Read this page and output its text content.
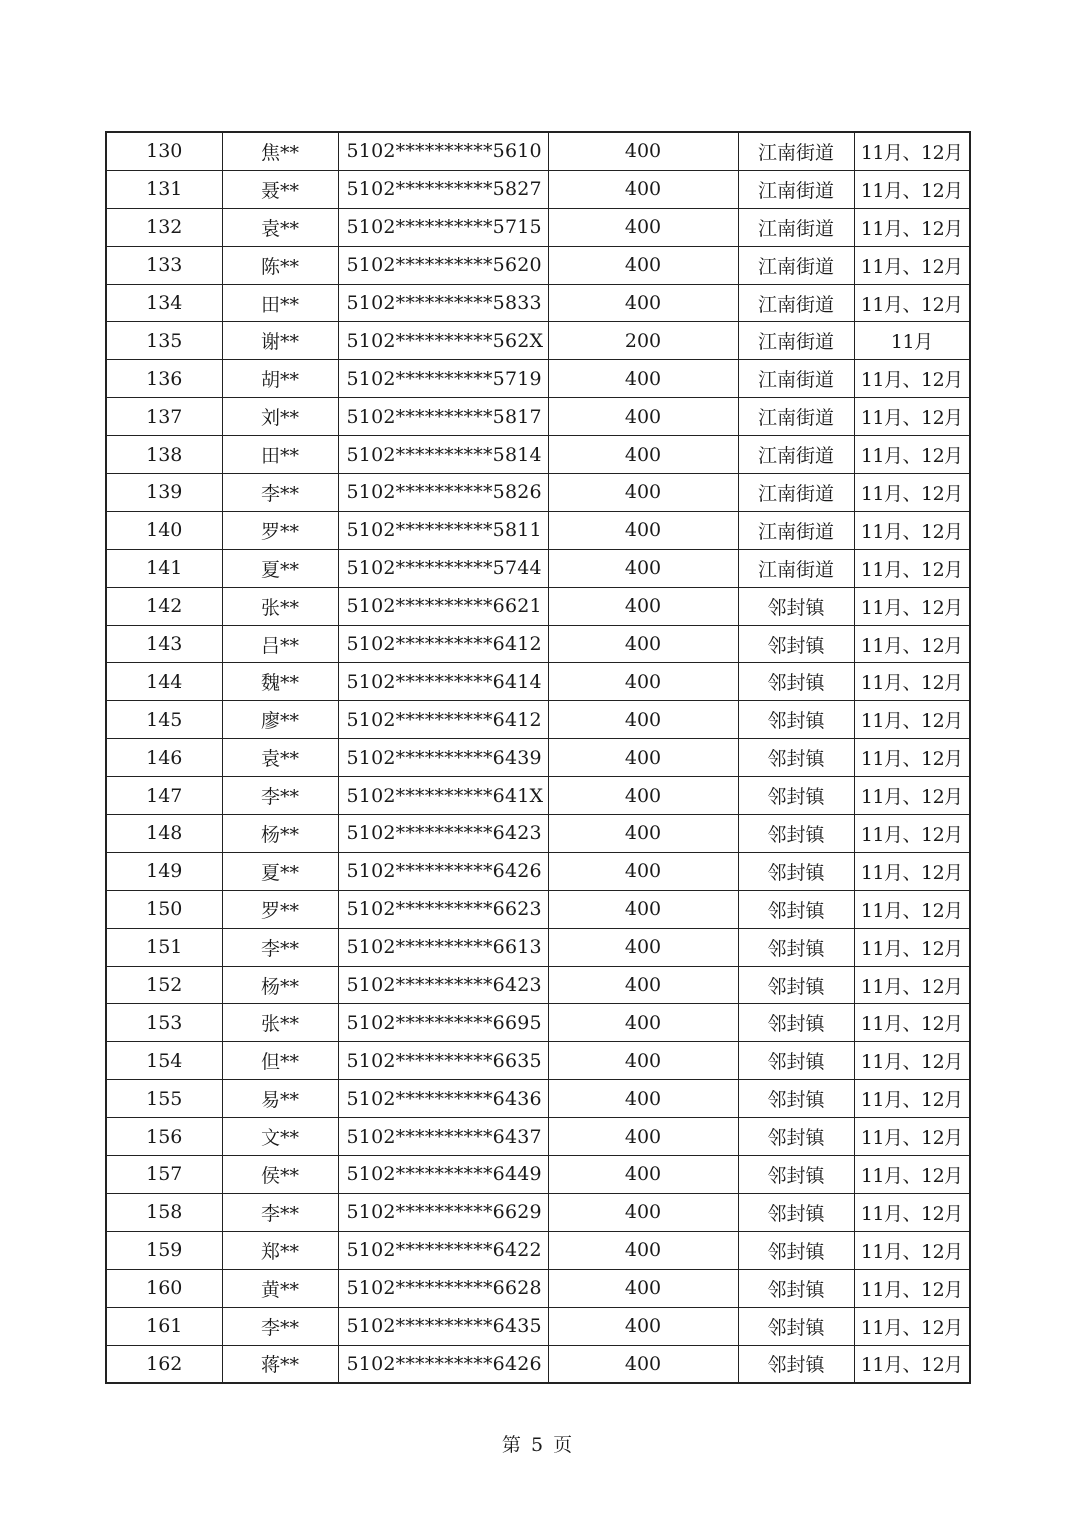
130	焦**	5102**********5610	400	江南街道	11月、12月
131	聂**	5102**********5827	400	江南街道	11月、12月
132	袁**	5102**********5715	400	江南街道	11月、12月
133	陈**	5102**********5620	400	江南街道	11月、12月
134	田**	5102**********5833	400	江南街道	11月、12月
135	谢**	5102**********562X	200	江南街道	11月
136	胡**	5102**********5719	400	江南街道	11月、12月
137	刘**	5102**********5817	400	江南街道	11月、12月
138	田**	5102**********5814	400	江南街道	11月、12月
139	李**	5102**********5826	400	江南街道	11月、12月
140	罗**	5102**********5811	400	江南街道	11月、12月
141	夏**	5102**********5744	400	江南街道	11月、12月
142	张**	5102**********6621	400	邻封镇	11月、12月
143	吕**	5102**********6412	400	邻封镇	11月、12月
144	魏**	5102**********6414	400	邻封镇	11月、12月
145	廖**	5102**********6412	400	邻封镇	11月、12月
146	袁**	5102**********6439	400	邻封镇	11月、12月
147	李**	5102**********641X	400	邻封镇	11月、12月
148	杨**	5102**********6423	400	邻封镇	11月、12月
149	夏**	5102**********6426	400	邻封镇	11月、12月
150	罗**	5102**********6623	400	邻封镇	11月、12月
151	李**	5102**********6613	400	邻封镇	11月、12月
152	杨**	5102**********6423	400	邻封镇	11月、12月
153	张**	5102**********6695	400	邻封镇	11月、12月
154	但**	5102**********6635	400	邻封镇	11月、12月
155	易**	5102**********6436	400	邻封镇	11月、12月
156	文**	5102**********6437	400	邻封镇	11月、12月
157	侯**	5102**********6449	400	邻封镇	11月、12月
158	李**	5102**********6629	400	邻封镇	11月、12月
159	郑**	5102**********6422	400	邻封镇	11月、12月
160	黄**	5102**********6628	400	邻封镇	11月、12月
161	李**	5102**********6435	400	邻封镇	11月、12月
162	蒋**	5102**********6426	400	邻封镇	11月、12月
第 5 页
